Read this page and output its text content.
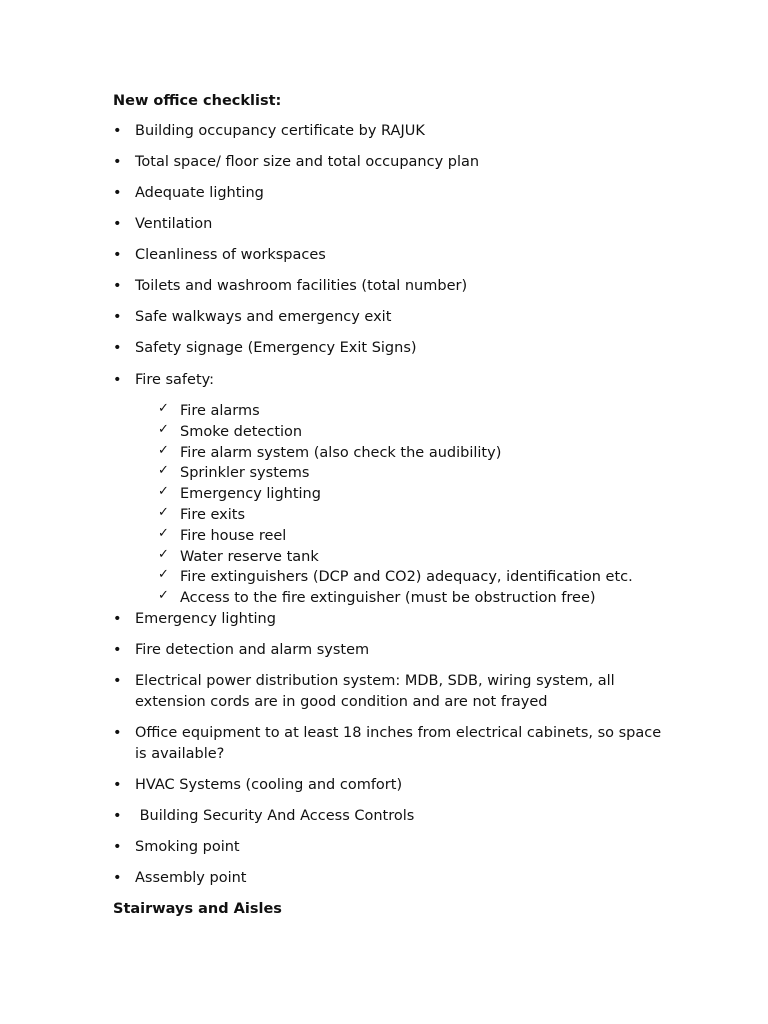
New office checklist:

• Building occupancy certificate by RAJUK
• Total space/ floor size and total occupancy plan
• Adequate lighting
• Ventilation
• Cleanliness of workspaces
• Toilets and washroom facilities (total number)
• Safe walkways and emergency exit
• Safety signage (Emergency Exit Signs)
• Fire safety:
✓ Fire alarms
✓ Smoke detection
✓ Fire alarm system (also check the audibility)
✓ Sprinkler systems
✓ Emergency lighting
✓ Fire exits
✓ Fire house reel
✓ Water reserve tank
✓ Fire extinguishers (DCP and CO2) adequacy, identification etc.
✓ Access to the fire extinguisher (must be obstruction free)
• Emergency lighting
• Fire detection and alarm system
• Electrical power distribution system: MDB, SDB, wiring system, all extension cords are in good condition and are not frayed
• Office equipment to at least 18 inches from electrical cabinets, so space is available?
• HVAC Systems (cooling and comfort)
• Building Security And Access Controls
• Smoking point
• Assembly point

Stairways and Aisles
